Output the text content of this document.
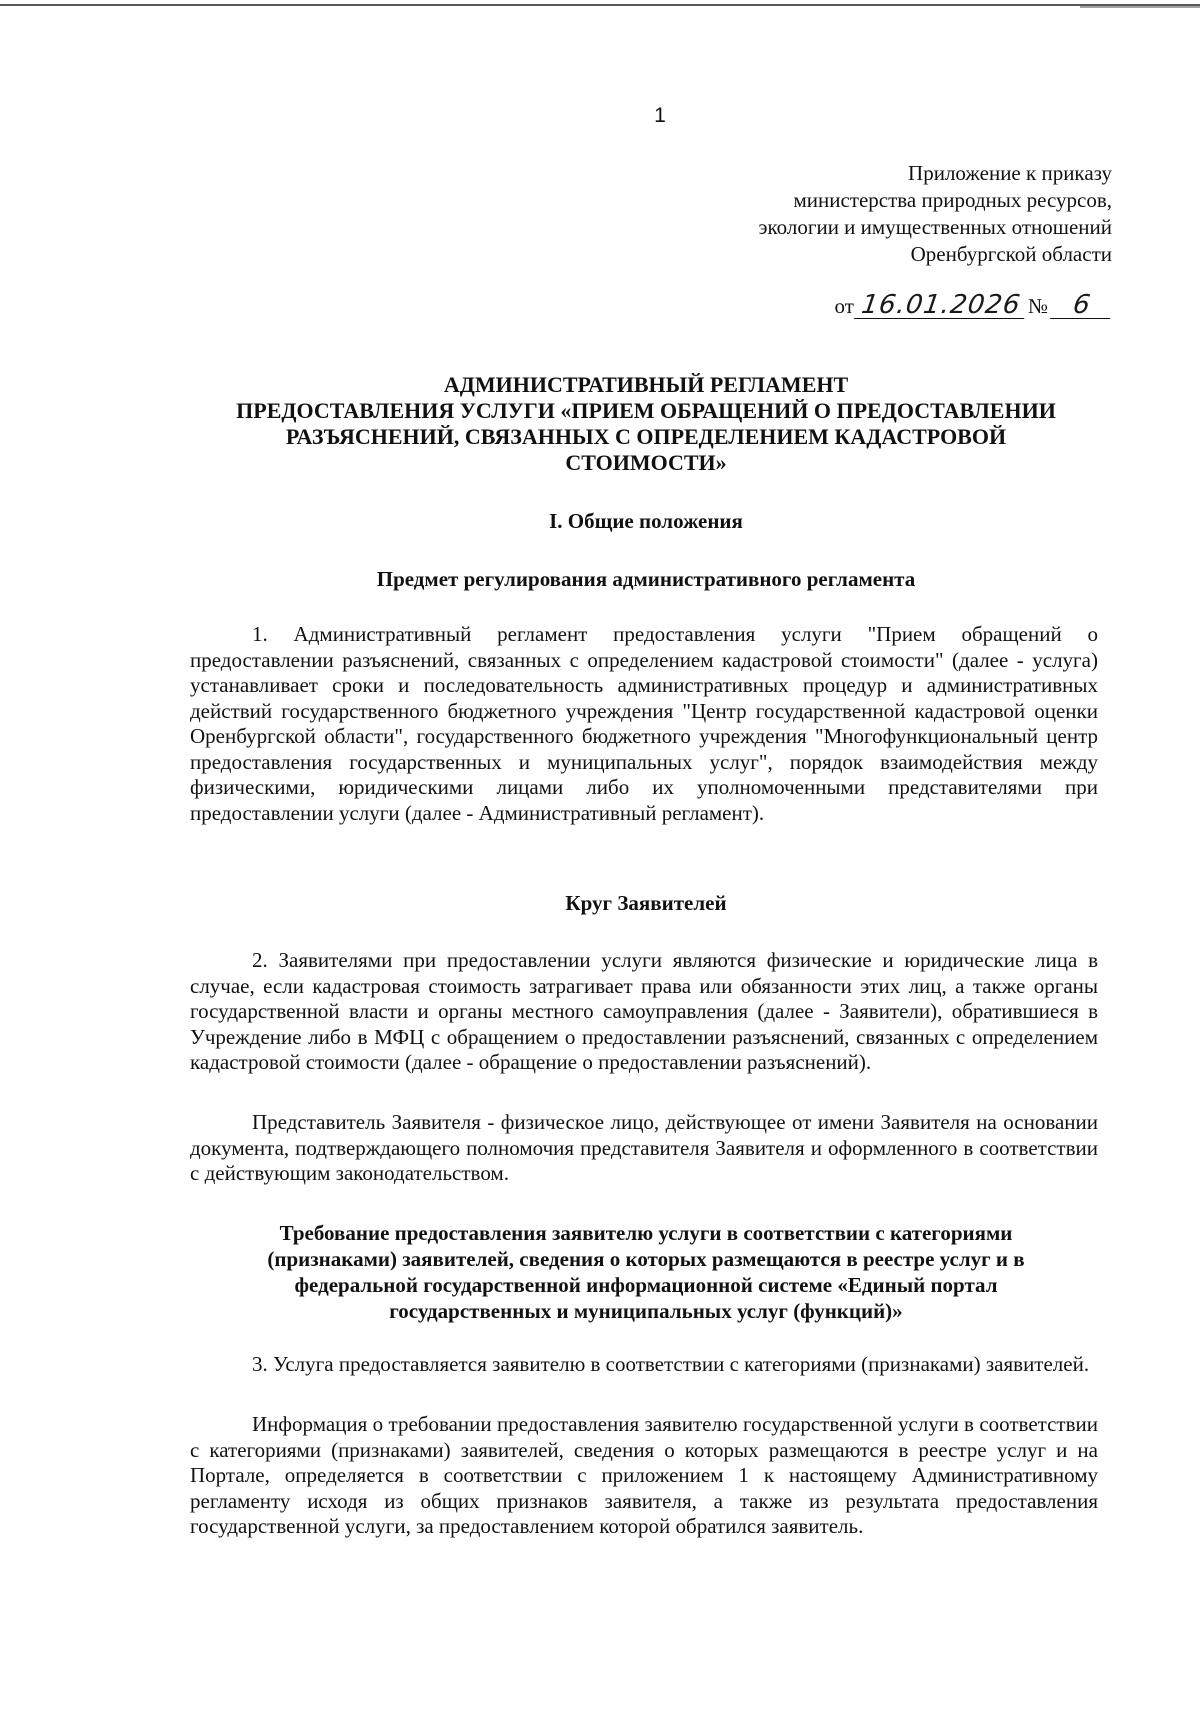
1
Приложение к приказу
министерства природных ресурсов,
экологии и имущественных отношений
Оренбургской области
от 16.01.2026 № 6
АДМИНИСТРАТИВНЫЙ РЕГЛАМЕНТ
ПРЕДОСТАВЛЕНИЯ УСЛУГИ «ПРИЕМ ОБРАЩЕНИЙ О ПРЕДОСТАВЛЕНИИ
РАЗЪЯСНЕНИЙ, СВЯЗАННЫХ С ОПРЕДЕЛЕНИЕМ КАДАСТРОВОЙ
СТОИМОСТИ»
I. Общие положения
Предмет регулирования административного регламента

1. Административный регламент предоставления услуги "Прием обращений о предоставлении разъяснений, связанных с определением кадастровой стоимости" (далее - услуга) устанавливает сроки и последовательность административных процедур и административных действий государственного бюджетного учреждения "Центр государственной кадастровой оценки Оренбургской области", государственного бюджетного учреждения "Многофункциональный центр предоставления государственных и муниципальных услуг", порядок взаимодействия между физическими, юридическими лицами либо их уполномоченными представителями при предоставлении услуги (далее - Административный регламент).

Круг Заявителей

2. Заявителями при предоставлении услуги являются физические и юридические лица в случае, если кадастровая стоимость затрагивает права или обязанности этих лиц, а также органы государственной власти и органы местного самоуправления (далее - Заявители), обратившиеся в Учреждение либо в МФЦ с обращением о предоставлении разъяснений, связанных с определением кадастровой стоимости (далее - обращение о предоставлении разъяснений).

Представитель Заявителя - физическое лицо, действующее от имени Заявителя на основании документа, подтверждающего полномочия представителя Заявителя и оформленного в соответствии с действующим законодательством.

Требование предоставления заявителю услуги в соответствии с категориями
(признаками) заявителей, сведения о которых размещаются в реестре услуг и в
федеральной государственной информационной системе «Единый портал
государственных и муниципальных услуг (функций)»

3. Услуга предоставляется заявителю в соответствии с категориями (признаками) заявителей.

Информация о требовании предоставления заявителю государственной услуги в соответствии с категориями (признаками) заявителей, сведения о которых размещаются в реестре услуг и на Портале, определяется в соответствии с приложением 1 к настоящему Административному регламенту исходя из общих признаков заявителя, а также из результата предоставления государственной услуги, за предоставлением которой обратился заявитель.
